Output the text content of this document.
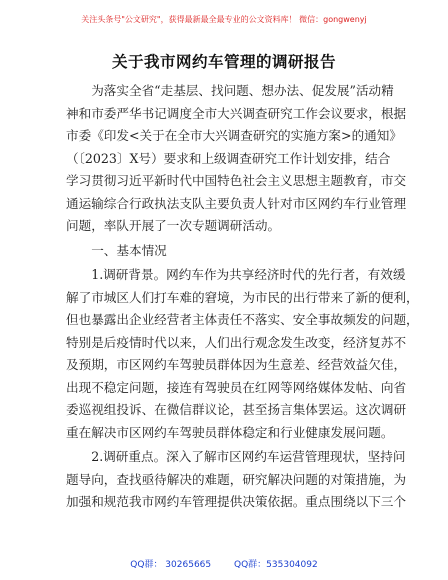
关注头条号"公文研究"，获得最新最全最专业的公文资料库！ 微信：gongwenyj
关于我市网约车管理的调研报告

　　为落实全省“走基层、找问题、想办法、促发展”活动精

神和市委严华书记调度全市大兴调查研究工作会议要求，根据

市委《印发<关于在全市大兴调查研究的实施方案>的通知》

（〔2023〕X号）要求和上级调查研究工作计划安排，结合

学习贯彻习近平新时代中国特色社会主义思想主题教育，市交

通运输综合行政执法支队主要负责人针对市区网约车行业管理

问题，率队开展了一次专题调研活动。

　　一、基本情况

　　1.调研背景。网约车作为共享经济时代的先行者，有效缓

解了市城区人们打车难的窘境，为市民的出行带来了新的便利，

但也暴露出企业经营者主体责任不落实、安全事故频发的问题，

特别是后疫情时代以来，人们出行观念发生改变，经济复苏不

及预期，市区网约车驾驶员群体因为生意差、经营效益欠佳，

出现不稳定问题，接连有驾驶员在红网等网络媒体发帖、向省

委巡视组投诉、在微信群议论，甚至扬言集体罢运。这次调研

重在解决市区网约车驾驶员群体稳定和行业健康发展问题。

　　2.调研重点。深入了解市区网约车运营管理现状，坚持问

题导向，查找亟待解决的难题，研究解决问题的对策措施，为

加强和规范我市网约车管理提供决策依据。重点围绕以下三个

QQ群： 30265665	QQ群：535304092
